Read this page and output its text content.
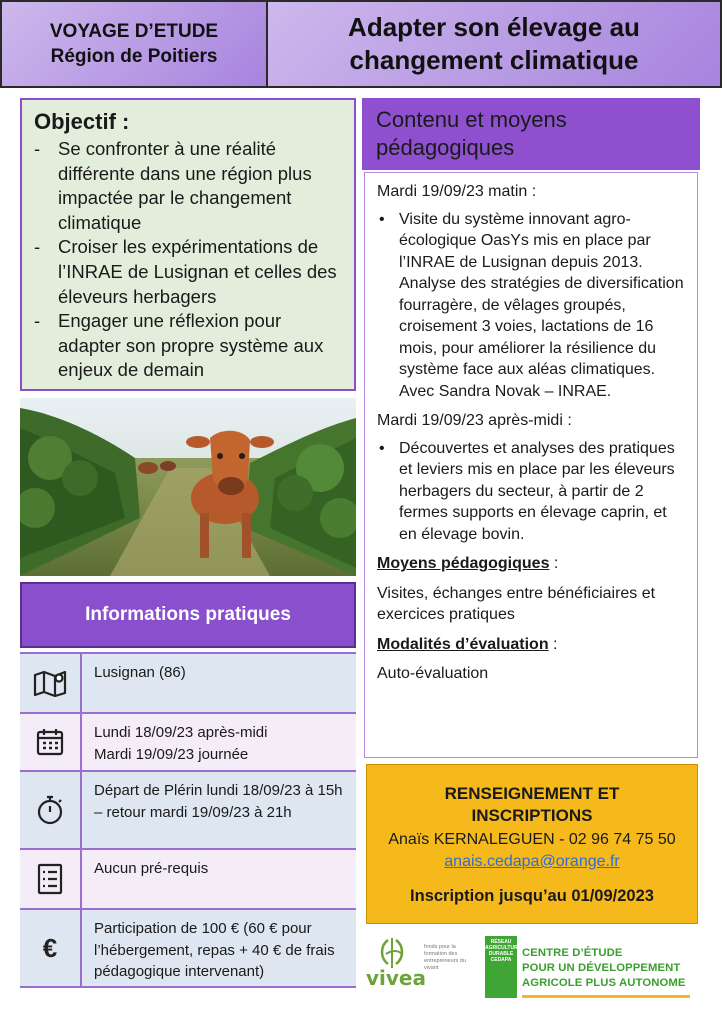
VOYAGE D’ETUDE
Région de Poitiers
Adapter son élevage au
changement climatique
Objectif :
- Se confronter à une réalité différente dans une région plus impactée par le changement climatique
- Croiser les expérimentations de l’INRAE de Lusignan et celles des éleveurs herbagers
- Engager une réflexion pour adapter son propre système aux enjeux de demain
Informations pratiques
Lusignan (86)
Lundi 18/09/23 après-midi
Mardi 19/09/23 journée
Départ de Plérin lundi 18/09/23 à 15h – retour mardi 19/09/23 à 21h
Aucun pré-requis
€
Participation de 100 € (60 € pour l’hébergement, repas + 40 € de frais pédagogique intervenant)
Contenu et moyens
pédagogiques
Mardi 19/09/23 matin :
• Visite du système innovant agro-écologique OasYs mis en place par l’INRAE de Lusignan depuis 2013. Analyse des stratégies de diversification fourragère, de vêlages groupés, croisement 3 voies, lactations de 16 mois, pour améliorer la résilience du système face aux aléas climatiques. Avec Sandra Novak – INRAE.
Mardi 19/09/23 après-midi :
• Découvertes et analyses des pratiques et leviers mis en place par les éleveurs herbagers du secteur, à partir de 2 fermes supports en élevage caprin, et en élevage bovin.

Moyens pédagogiques :

Visites, échanges entre bénéficiaires et exercices pratiques

Modalités d’évaluation :

Auto-évaluation

RENSEIGNEMENT ET
INSCRIPTIONS
Anaïs KERNALEGUEN - 02 96 74 75 50
anais.cedapa@orange.fr
Inscription jusqu’au 01/09/2023
vivea
fonds pour la formation des entrepreneurs du vivant
RÉSEAU AGRICULTURE DURABLE CEDAPA
CENTRE D’ÉTUDE
POUR UN DÉVELOPPEMENT
AGRICOLE PLUS AUTONOME
